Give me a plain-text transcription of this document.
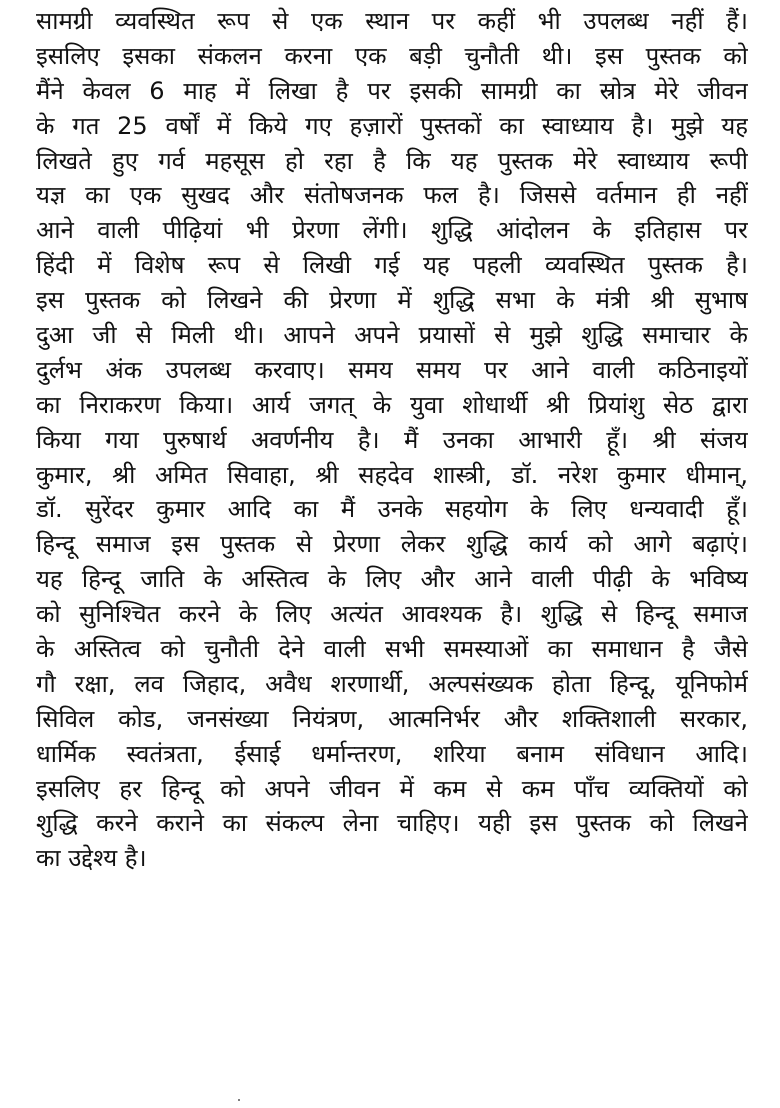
सामग्री व्यवस्थित रूप से एक स्थान पर कहीं भी उपलब्ध नहीं हैं।
इसलिए इसका संकलन करना एक बड़ी चुनौती थी। इस पुस्तक को
मैंने केवल 6 माह में लिखा है पर इसकी सामग्री का स्रोत्र मेरे जीवन
के गत 25 वर्षों में किये गए हज़ारों पुस्तकों का स्वाध्याय है। मुझे यह
लिखते हुए गर्व महसूस हो रहा है कि यह पुस्तक मेरे स्वाध्याय रूपी
यज्ञ का एक सुखद और संतोषजनक फल है। जिससे वर्तमान ही नहीं
आने वाली पीढ़ियां भी प्रेरणा लेंगी। शुद्धि आंदोलन के इतिहास पर
हिंदी में विशेष रूप से लिखी गई यह पहली व्यवस्थित पुस्तक है।
इस पुस्तक को लिखने की प्रेरणा में शुद्धि सभा के मंत्री श्री सुभाष
दुआ जी से मिली थी। आपने अपने प्रयासों से मुझे शुद्धि समाचार के
दुर्लभ अंक उपलब्ध करवाए। समय समय पर आने वाली कठिनाइयों
का निराकरण किया। आर्य जगत् के युवा शोधार्थी श्री प्रियांशु सेठ द्वारा
किया गया पुरुषार्थ अवर्णनीय है। मैं उनका आभारी हूँ। श्री संजय
कुमार, श्री अमित सिवाहा, श्री सहदेव शास्त्री, डॉ. नरेश कुमार धीमान्,
डॉ. सुरेंदर कुमार आदि का मैं उनके सहयोग के लिए धन्यवादी हूँ।
हिन्दू समाज इस पुस्तक से प्रेरणा लेकर शुद्धि कार्य को आगे बढ़ाएं।
यह हिन्दू जाति के अस्तित्व के लिए और आने वाली पीढ़ी के भविष्य
को सुनिश्चित करने के लिए अत्यंत आवश्यक है। शुद्धि से हिन्दू समाज
के अस्तित्व को चुनौती देने वाली सभी समस्याओं का समाधान है जैसे
गौ रक्षा, लव जिहाद, अवैध शरणार्थी, अल्पसंख्यक होता हिन्दू, यूनिफोर्म
सिविल कोड, जनसंख्या नियंत्रण, आत्मनिर्भर और शक्तिशाली सरकार,
धार्मिक स्वतंत्रता, ईसाई धर्मान्तरण, शरिया बनाम संविधान आदि।
इसलिए हर हिन्दू को अपने जीवन में कम से कम पाँच व्यक्तियों को
शुद्धि करने कराने का संकल्प लेना चाहिए। यही इस पुस्तक को लिखने
का उद्देश्य है।
